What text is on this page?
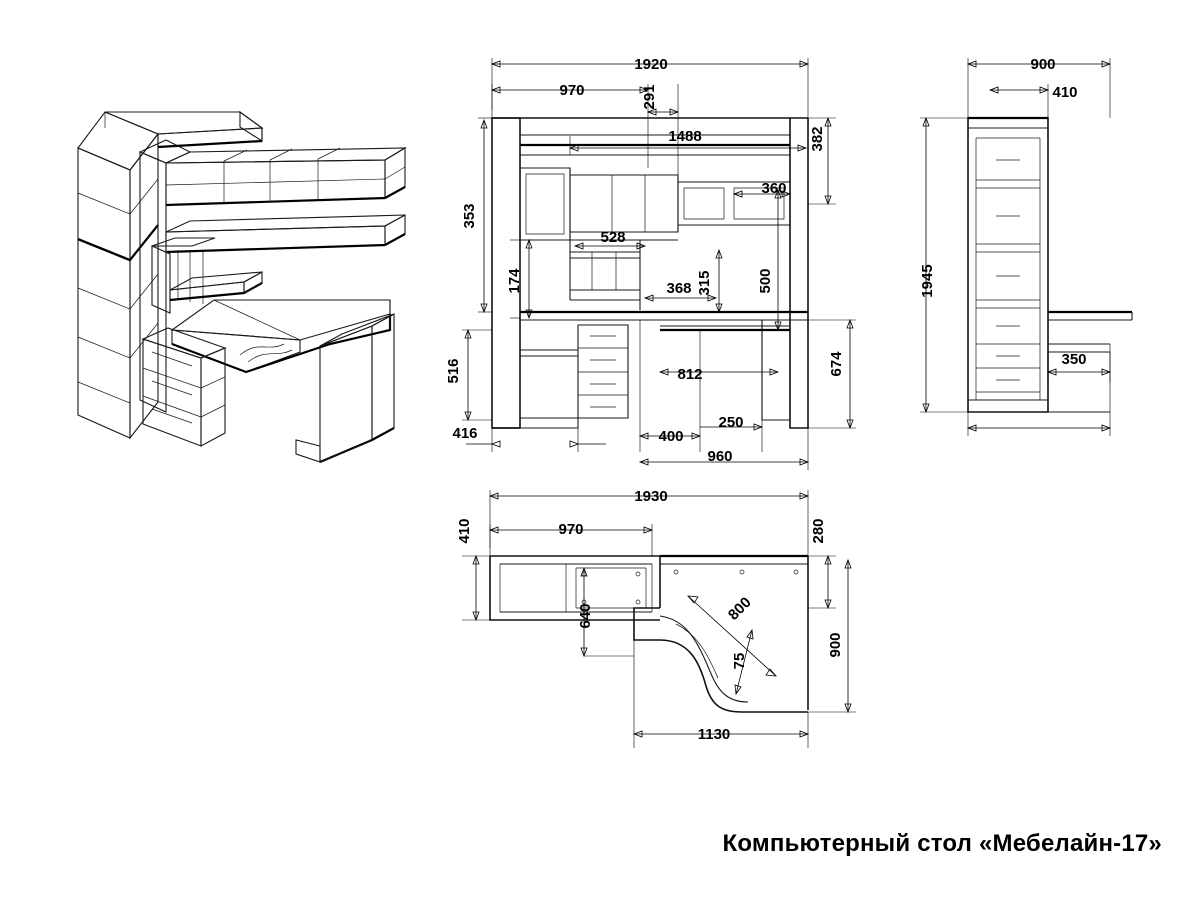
1920
970	291
1488	382
360
353
528
174	368 315	500
516	812	674
416	400
250
960
900
410
1945
350
1930
410	970	280
640	800
75
900
1130
Компьютерный стол «Мебелайн-17»
